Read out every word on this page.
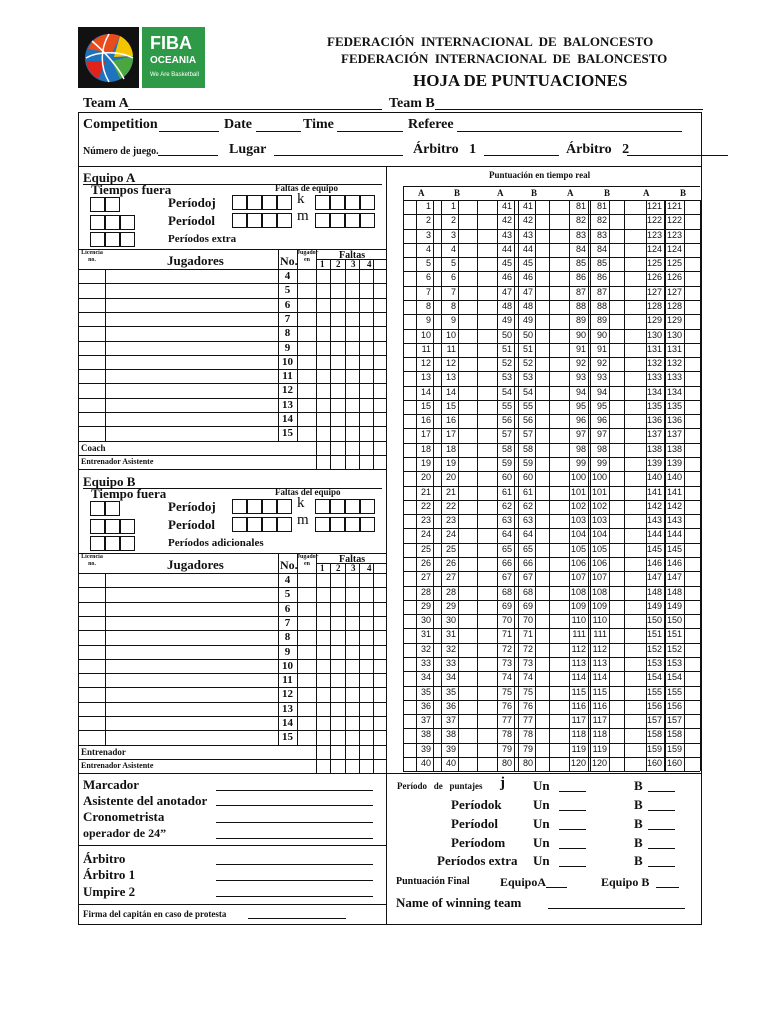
FIBA
OCEANIA
We Are Basketball
FEDERACIÓN  INTERNACIONAL  DE  BALONCESTO
FEDERACIÓN  INTERNACIONAL  DE  BALONCESTO
HOJA DE PUNTUACIONES
Team A	Team B
Competition	Date	Time	Referee
Número de juego.	Lugar	Árbitro   1	Árbitro   2
Equipo A
Tiempos fuera	Faltas de equipo
Períodoj
Períodol
Períodos extra
k
m
Licencia no.	Jugadores	No.
Jugador en	Faltas
1 2 3 4
4
5
6
7
8
9
10
11
12
13
14
15
Coach
Entrenador Asistente
Equipo B
Tiempo fuera	Faltas del equipo
Períodoj
Períodol
Períodos adicionales
k
m
Licencia no.	Jugadores	No.
Jugador en	Faltas
1 2 3 4
4
5
6
7
8
9
10
11
12
13
14
15
Entrenador
Entrenador Asistente
Puntuación en tiempo real
A	B	A	B	A	B	A	B
1	1	41	41	81	81	121 121
2	2	42	42	82	82	122 122
3	3	43	43	83	83	123 123
4	4	44	44	84	84	124 124
5	5	45	45	85	85	125 125
6	6	46	46	86	86	126 126
7	7	47	47	87	87	127 127
8	8	48	48	88	88	128 128
9	9	49	49	89	89	129 129
10	10	50	50	90	90	130 130
11	11	51	51	91	91	131 131
12	12	52	52	92	92	132 132
13	13	53	53	93	93	133 133
14	14	54	54	94	94	134 134
15	15	55	55	95	95	135 135
16	16	56	56	96	96	136 136
17	17	57	57	97	97	137 137
18	18	58	58	98	98	138 138
19	19	59	59	99	99	139 139
20	20	60	60	100 100	140 140
21	21	61	61	101 101	141 141
22	22	62	62	102 102	142 142
23	23	63	63	103 103	143 143
24	24	64	64	104 104	144 144
25	25	65	65	105 105	145 145
26	26	66	66	106 106	146 146
27	27	67	67	107 107	147 147
28	28	68	68	108 108	148 148
29	29	69	69	109 109	149 149
30	30	70	70	110 110	150 150
31	31	71	71	111 111	151 151
32	32	72	72	112 112	152 152
33	33	73	73	113 113	153 153
34	34	74	74	114 114	154 154
35	35	75	75	115 115	155 155
36	36	76	76	116 116	156 156
37	37	77	77	117 117	157 157
38	38	78	78	118 118	158 158
39	39	79	79	119 119	159 159
40	40	80	80	120 120	160 160
Marcador
Asistente del anotador
Cronometrista
operador de 24”
Árbitro
Árbitro 1
Umpire 2
Firma del capitán en caso de protesta
Período   de   puntajes j
Períodok
Períodol
Períodom
Períodos extra
Un	B
Un	B
Un	B
Un	B
Un	B
Puntuación Final	EquipoA	Equipo B
Name of winning team
